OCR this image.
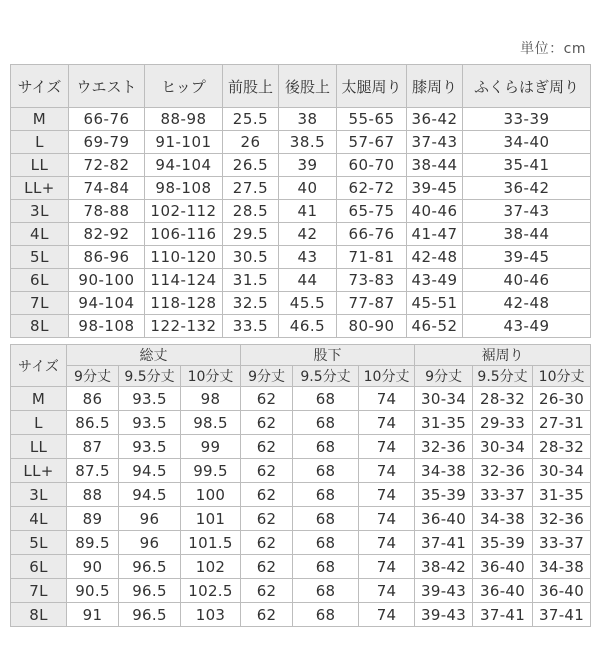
単位：cm
サイズ	ウエスト	ヒップ	前股上	後股上	太腿周り	膝周り	ふくらはぎ周り
M	66-76	88-98	25.5	38	55-65	36-42	33-39
L	69-79	91-101	26	38.5	57-67	37-43	34-40
LL	72-82	94-104	26.5	39	60-70	38-44	35-41
LL+	74-84	98-108	27.5	40	62-72	39-45	36-42
3L	78-88	102-112	28.5	41	65-75	40-46	37-43
4L	82-92	106-116	29.5	42	66-76	41-47	38-44
5L	86-96	110-120	30.5	43	71-81	42-48	39-45
6L	90-100	114-124	31.5	44	73-83	43-49	40-46
7L	94-104	118-128	32.5	45.5	77-87	45-51	42-48
8L	98-108	122-132	33.5	46.5	80-90	46-52	43-49
サイズ	総丈			股下			裾周り		
	9分丈	9.5分丈	10分丈	9分丈	9.5分丈	10分丈	9分丈	9.5分丈	10分丈
M	86	93.5	98	62	68	74	30-34	28-32	26-30
L	86.5	93.5	98.5	62	68	74	31-35	29-33	27-31
LL	87	93.5	99	62	68	74	32-36	30-34	28-32
LL+	87.5	94.5	99.5	62	68	74	34-38	32-36	30-34
3L	88	94.5	100	62	68	74	35-39	33-37	31-35
4L	89	96	101	62	68	74	36-40	34-38	32-36
5L	89.5	96	101.5	62	68	74	37-41	35-39	33-37
6L	90	96.5	102	62	68	74	38-42	36-40	34-38
7L	90.5	96.5	102.5	62	68	74	39-43	36-40	36-40
8L	91	96.5	103	62	68	74	39-43	37-41	37-41
